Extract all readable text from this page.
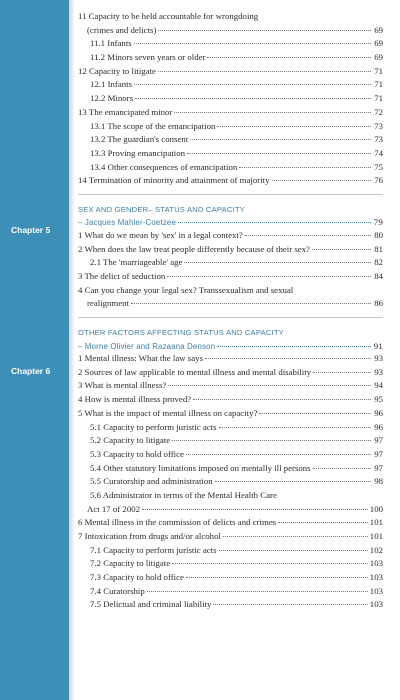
Chapter 5
Chapter 6
11 Capacity to be held accountable for wrongdoing
(crimes and delicts)	69
11.1 Infants	69
11.2 Minors seven years or older	69
12 Capacity to litigate	71
12.1 Infants	71
12.2 Minors	71
13 The emancipated minor	72
13.1 The scope of the emancipation	73
13.2 The guardian's consent	73
13.3 Proving emancipation	74
13.4 Other consequences of emancipation	75
14 Termination of minority and attainment of majority	76
SEX AND GENDER– STATUS AND CAPACITY
– Jacques Mahler-Coetzee	79
1 What do we mean by 'sex' in a legal context?	80
2 When does the law treat people differently because of their sex?	81
2.1 The 'marriageable' age	82
3 The delict of seduction	84
4 Can you change your legal sex? Transsexualism and sexual
realignment	86
OTHER FACTORS AFFECTING STATUS AND CAPACITY
– Morne Olivier and Razaana Denson	91
1 Mental illness: What the law says	93
2 Sources of law applicable to mental illness and mental disability	93
3 What is mental illness?	94
4 How is mental illness proved?	95
5 What is the impact of mental illness on capacity?	96
5.1 Capacity to perform juristic acts	96
5.2 Capacity to litigate	97
5.3 Capacity to hold office	97
5.4 Other statutory limitations imposed on mentally ill persons	97
5.5 Curatorship and administration	98
5.6 Administrator in terms of the Mental Health Care
Act 17 of 2002	100
6 Mental illness in the commission of delicts and crimes	101
7 Intoxication from drugs and/or alcohol	101
7.1 Capacity to perform juristic acts	102
7.2 Capacity to litigate	103
7.3 Capacity to hold office	103
7.4 Curatorship	103
7.5 Delictual and criminal liability	103
